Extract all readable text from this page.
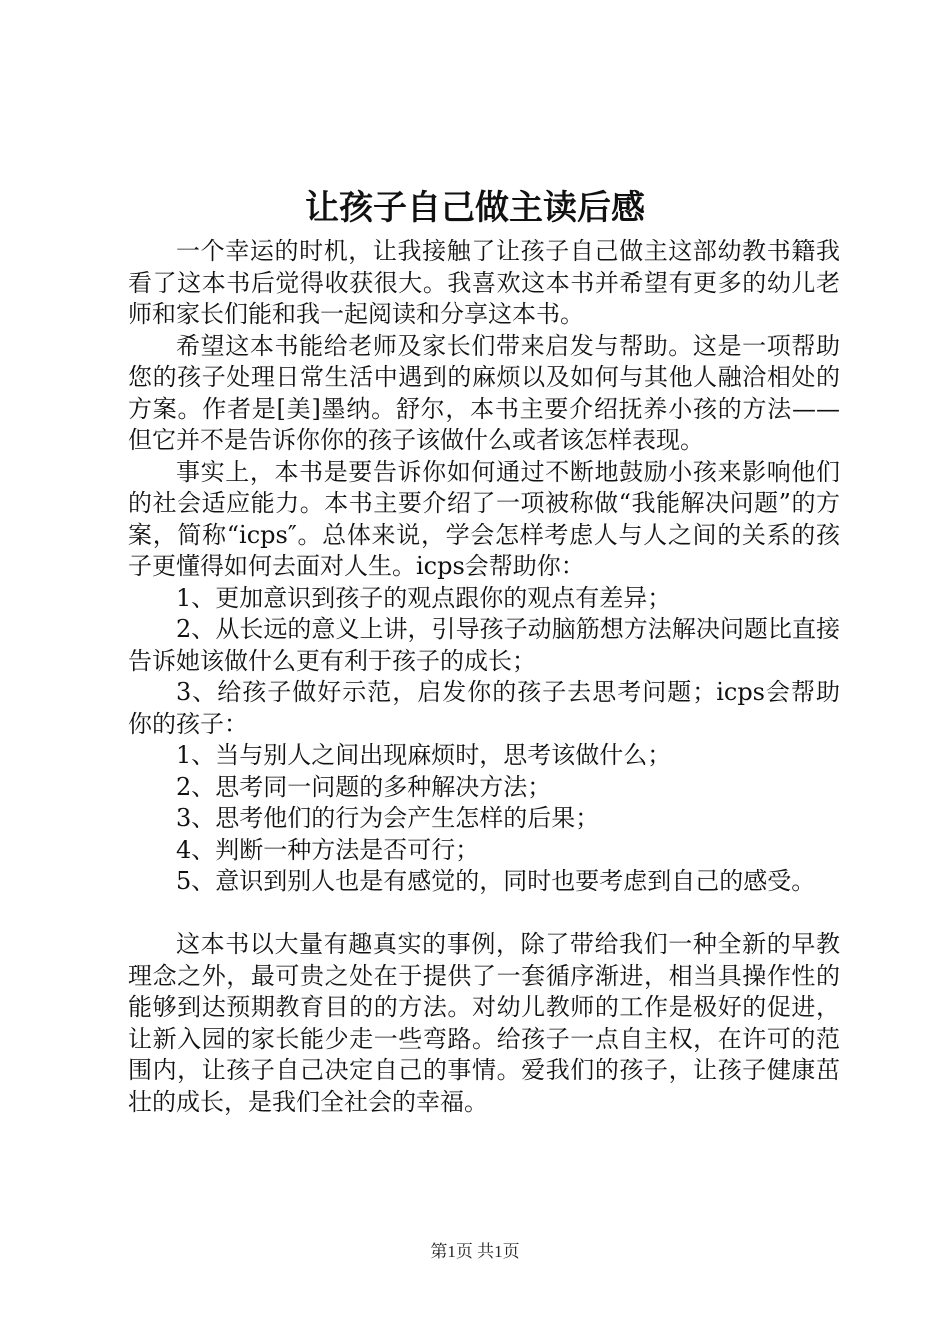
让孩子自己做主读后感

一个幸运的时机，让我接触了让孩子自己做主这部幼教书籍我看了这本书后觉得收获很大。我喜欢这本书并希望有更多的幼儿老师和家长们能和我一起阅读和分享这本书。

希望这本书能给老师及家长们带来启发与帮助。这是一项帮助您的孩子处理日常生活中遇到的麻烦以及如何与其他人融洽相处的方案。作者是[美]墨纳。舒尔，本书主要介绍抚养小孩的方法——但它并不是告诉你你的孩子该做什么或者该怎样表现。

事实上，本书是要告诉你如何通过不断地鼓励小孩来影响他们的社会适应能力。本书主要介绍了一项被称做“我能解决问题”的方案，简称“icps″。总体来说，学会怎样考虑人与人之间的关系的孩子更懂得如何去面对人生。icps会帮助你：

1、更加意识到孩子的观点跟你的观点有差异；

2、从长远的意义上讲，引导孩子动脑筋想方法解决问题比直接告诉她该做什么更有利于孩子的成长；

3、给孩子做好示范，启发你的孩子去思考问题；icps会帮助你的孩子：

1、当与别人之间出现麻烦时，思考该做什么；

2、思考同一问题的多种解决方法；

3、思考他们的行为会产生怎样的后果；

4、判断一种方法是否可行；

5、意识到别人也是有感觉的，同时也要考虑到自己的感受。

这本书以大量有趣真实的事例，除了带给我们一种全新的早教理念之外，最可贵之处在于提供了一套循序渐进，相当具操作性的能够到达预期教育目的的方法。对幼儿教师的工作是极好的促进，让新入园的家长能少走一些弯路。给孩子一点自主权，在许可的范围内，让孩子自己决定自己的事情。爱我们的孩子，让孩子健康茁壮的成长，是我们全社会的幸福。

第1页 共1页
